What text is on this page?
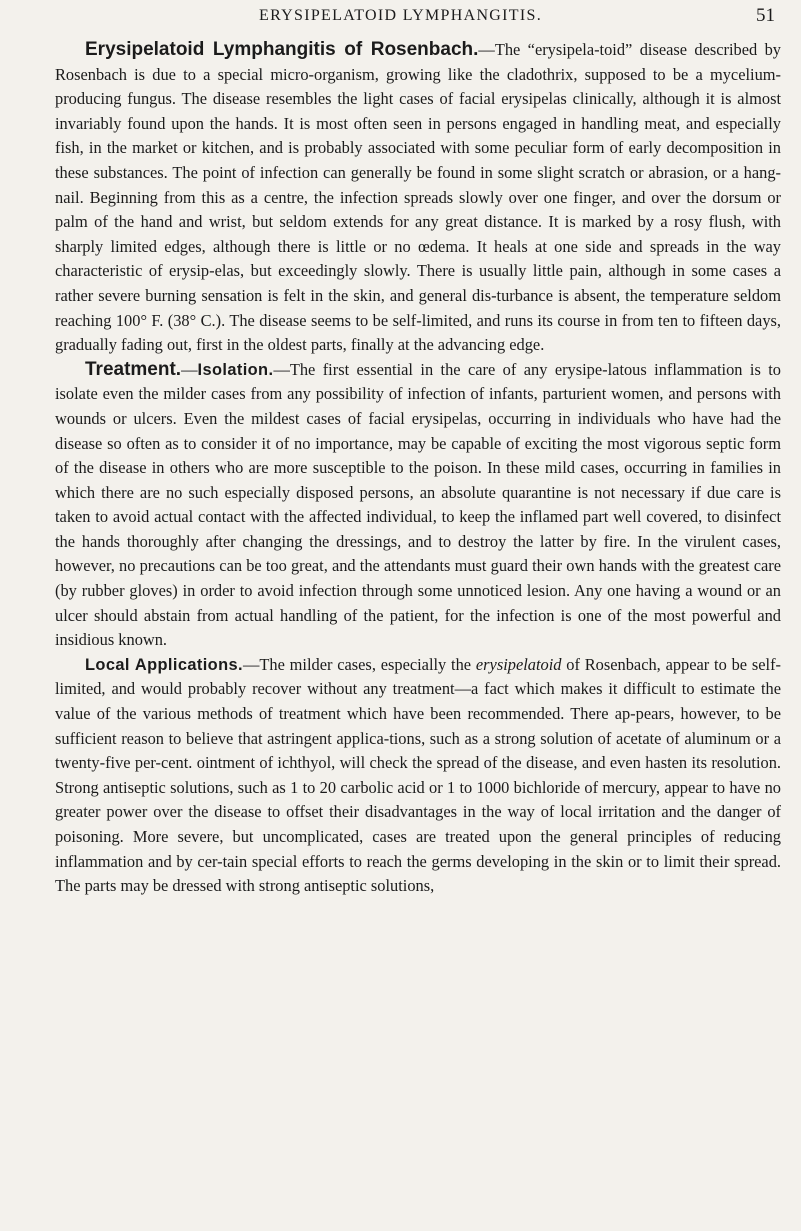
ERYSIPELATOID LYMPHANGITIS.	51

Erysipelatoid Lymphangitis of Rosenbach.—The “erysipela-toid” disease described by Rosenbach is due to a special micro-organism, growing like the cladothrix, supposed to be a mycelium-producing fungus. The disease resembles the light cases of facial erysipelas clinically, although it is almost invariably found upon the hands. It is most often seen in persons engaged in handling meat, and especially fish, in the market or kitchen, and is probably associated with some peculiar form of early decomposition in these substances. The point of infection can generally be found in some slight scratch or abrasion, or a hang-nail. Beginning from this as a centre, the infection spreads slowly over one finger, and over the dorsum or palm of the hand and wrist, but seldom extends for any great distance. It is marked by a rosy flush, with sharply limited edges, although there is little or no œdema. It heals at one side and spreads in the way characteristic of erysip-elas, but exceedingly slowly. There is usually little pain, although in some cases a rather severe burning sensation is felt in the skin, and general dis-turbance is absent, the temperature seldom reaching 100° F. (38° C.). The disease seems to be self-limited, and runs its course in from ten to fifteen days, gradually fading out, first in the oldest parts, finally at the advancing edge.

Treatment.—Isolation.—The first essential in the care of any erysipe-latous inflammation is to isolate even the milder cases from any possibility of infection of infants, parturient women, and persons with wounds or ulcers. Even the mildest cases of facial erysipelas, occurring in individuals who have had the disease so often as to consider it of no importance, may be capable of exciting the most vigorous septic form of the disease in others who are more susceptible to the poison. In these mild cases, occurring in families in which there are no such especially disposed persons, an absolute quarantine is not necessary if due care is taken to avoid actual contact with the affected individual, to keep the inflamed part well covered, to disinfect the hands thoroughly after changing the dressings, and to destroy the latter by fire. In the virulent cases, however, no precautions can be too great, and the attendants must guard their own hands with the greatest care (by rubber gloves) in order to avoid infection through some unnoticed lesion. Any one having a wound or an ulcer should abstain from actual handling of the patient, for the infection is one of the most powerful and insidious known.

Local Applications.—The milder cases, especially the erysipelatoid of Rosenbach, appear to be self-limited, and would probably recover without any treatment—a fact which makes it difficult to estimate the value of the various methods of treatment which have been recommended. There ap-pears, however, to be sufficient reason to believe that astringent applica-tions, such as a strong solution of acetate of aluminum or a twenty-five per-cent. ointment of ichthyol, will check the spread of the disease, and even hasten its resolution. Strong antiseptic solutions, such as 1 to 20 carbolic acid or 1 to 1000 bichloride of mercury, appear to have no greater power over the disease to offset their disadvantages in the way of local irritation and the danger of poisoning. More severe, but uncomplicated, cases are treated upon the general principles of reducing inflammation and by cer-tain special efforts to reach the germs developing in the skin or to limit their spread. The parts may be dressed with strong antiseptic solutions,
